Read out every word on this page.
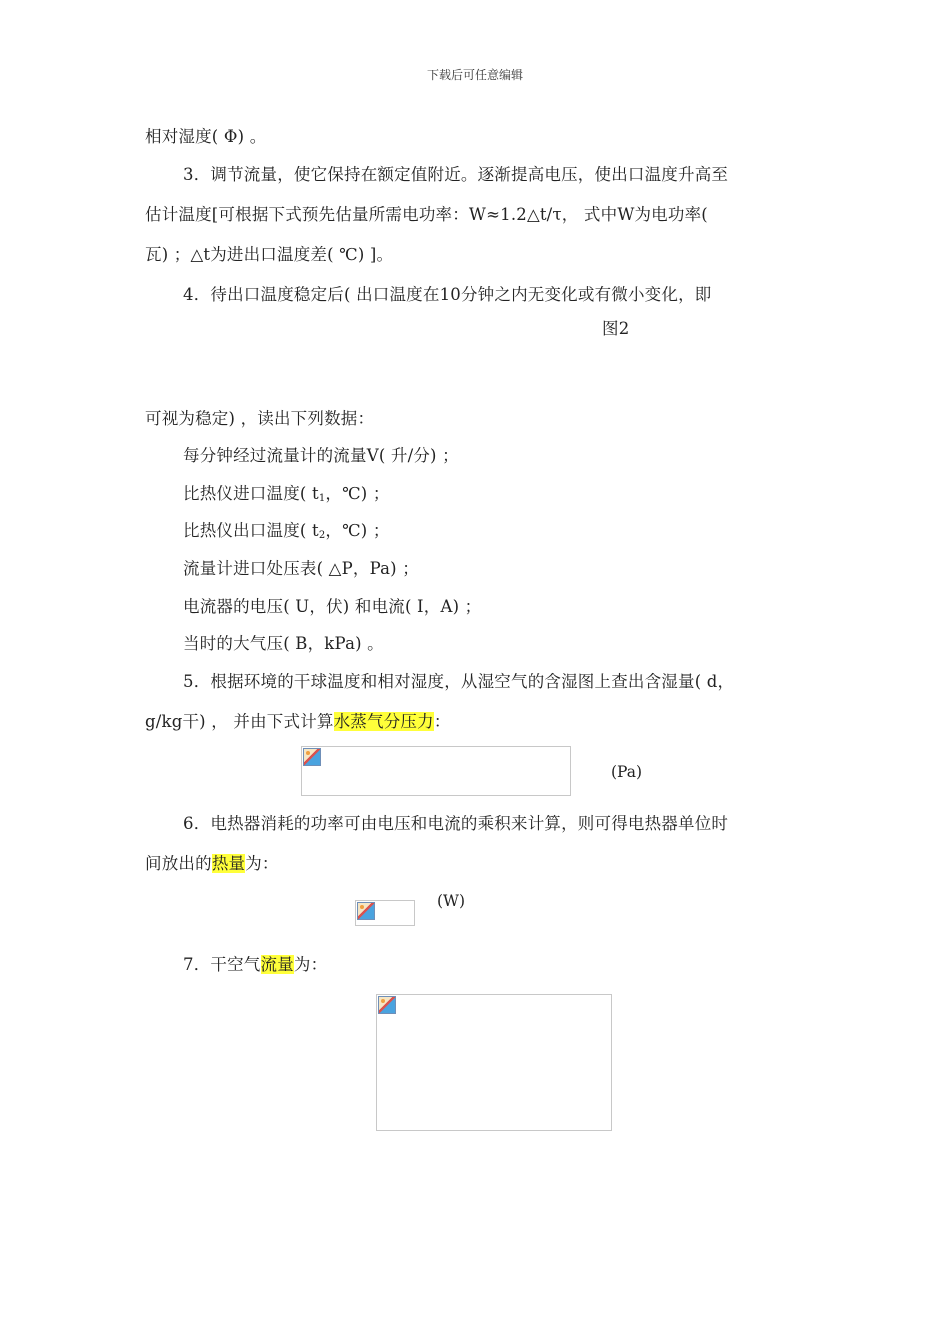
下载后可任意编辑
相对湿度( Φ) 。
3．调节流量，使它保持在额定值附近。逐渐提高电压，使出口温度升高至
估计温度[可根据下式预先估量所需电功率：W≈1.2△t/τ， 式中W为电功率(
瓦) ；△t为进出口温度差( ℃) ]。
4．待出口温度稳定后( 出口温度在10分钟之内无变化或有微小变化，即
图2
可视为稳定) ，读出下列数据：
每分钟经过流量计的流量V( 升/分) ；
比热仪进口温度( $t_1$，℃) ；
比热仪出口温度( $t_2$，℃) ；
流量计进口处压表( △P，Pa) ；
电流器的电压( U，伏) 和电流( I，A) ；
当时的大气压( B，kPa) 。
5．根据环境的干球温度和相对湿度，从湿空气的含湿图上查出含湿量( d，
g/kg干) ， 并由下式计算水蒸气分压力：
(Pa)
6．电热器消耗的功率可由电压和电流的乘积来计算，则可得电热器单位时
间放出的热量为：
(W)
7．干空气流量为：
